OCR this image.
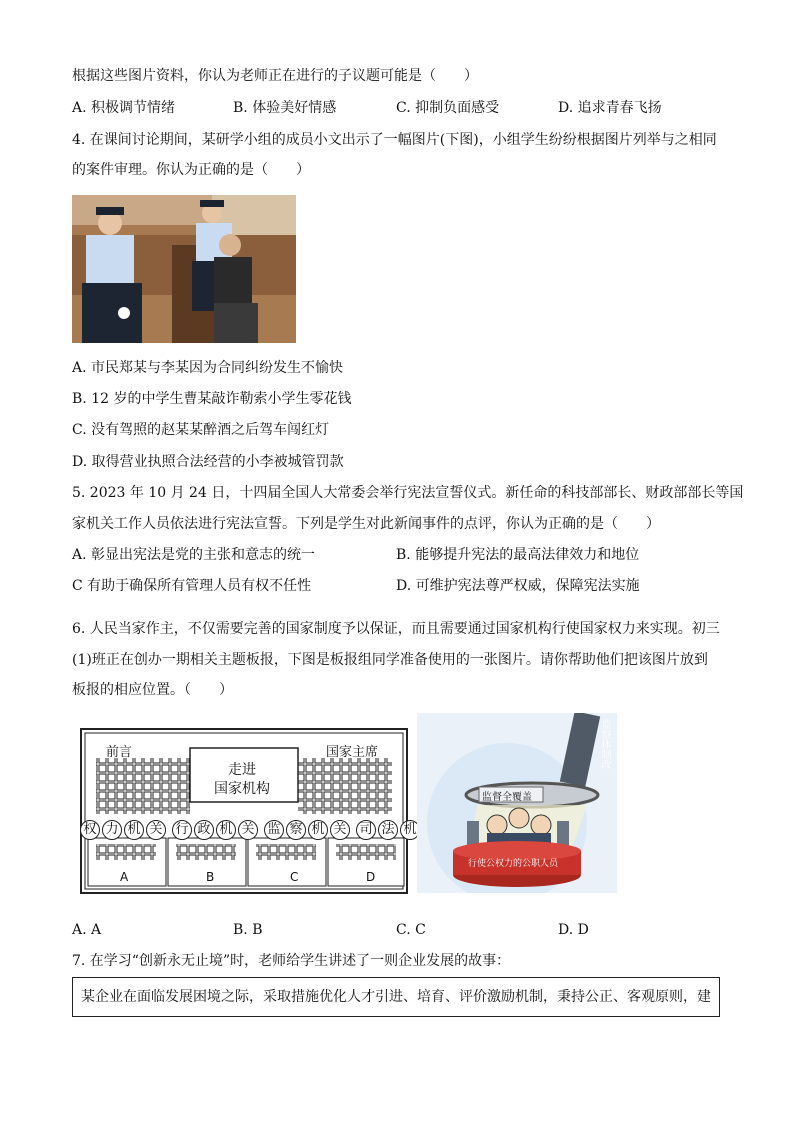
根据这些图片资料，你认为老师正在进行的子议题可能是（　　）
A. 积极调节情绪	B. 体验美好情感	C. 抑制负面感受	D. 追求青春飞扬
4. 在课间讨论期间，某研学小组的成员小文出示了一幅图片(下图)，小组学生纷纷根据图片列举与之相同
的案件审理。你认为正确的是（　　）
A. 市民郑某与李某因为合同纠纷发生不愉快
B. 12 岁的中学生曹某敲诈勒索小学生零花钱
C. 没有驾照的赵某某醉酒之后驾车闯红灯
D. 取得营业执照合法经营的小李被城管罚款
5. 2023 年 10 月 24 日，十四届全国人大常委会举行宪法宣誓仪式。新任命的科技部部长、财政部部长等国
家机关工作人员依法进行宪法宣誓。下列是学生对此新闻事件的点评，你认为正确的是（　　）
A. 彰显出宪法是党的主张和意志的统一	B. 能够提升宪法的最高法律效力和地位
C 有助于确保所有管理人员有权不任性	D. 可维护宪法尊严权威，保障宪法实施
6. 人民当家作主，不仅需要完善的国家制度予以保证，而且需要通过国家机构行使国家权力来实现。初三
(1)班正在创办一期相关主题板报，下图是板报组同学准备使用的一张图片。请你帮助他们把该图片放到
板报的相应位置。（　　）
前言	国家主席
走进
国家机构
权 力 机 关 行 政 机 关 监 察 机 关 司 法 机
A	B	C	D
监察体制改
监督全覆盖
行使公权力的公职人员
A. A	B. B	C. C	D. D
7. 在学习“创新永无止境”时，老师给学生讲述了一则企业发展的故事：
某企业在面临发展困境之际，采取措施优化人才引进、培育、评价激励机制，秉持公正、客观原则，建
